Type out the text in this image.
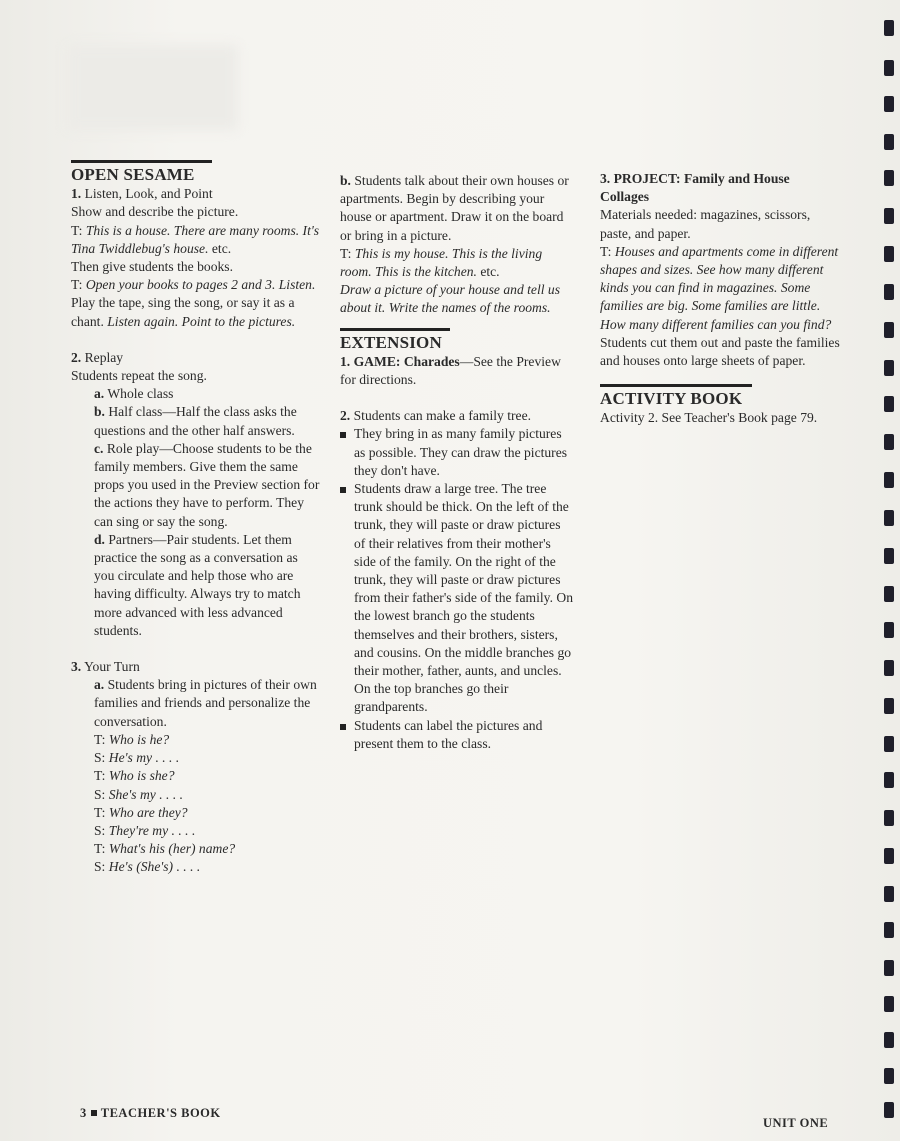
OPEN SESAME
1. Listen, Look, and Point
Show and describe the picture.
T: This is a house. There are many rooms. It's Tina Twiddlebug's house. etc.
Then give students the books.
T: Open your books to pages 2 and 3. Listen. Play the tape, sing the song, or say it as a chant. Listen again. Point to the pictures.
2. Replay
Students repeat the song.
a. Whole class
b. Half class—Half the class asks the questions and the other half answers.
c. Role play—Choose students to be the family members. Give them the same props you used in the Preview section for the actions they have to perform. They can sing or say the song.
d. Partners—Pair students. Let them practice the song as a conversation as you circulate and help those who are having difficulty. Always try to match more advanced with less advanced students.
3. Your Turn
a. Students bring in pictures of their own families and friends and personalize the conversation.
T: Who is he?
S: He's my . . . .
T: Who is she?
S: She's my . . . .
T: Who are they?
S: They're my . . . .
T: What's his (her) name?
S: He's (She's) . . . .
b. Students talk about their own houses or apartments. Begin by describing your house or apartment. Draw it on the board or bring in a picture.
T: This is my house. This is the living room. This is the kitchen. etc.
Draw a picture of your house and tell us about it. Write the names of the rooms.
EXTENSION
1. GAME: Charades—See the Preview for directions.
2. Students can make a family tree.
They bring in as many family pictures as possible. They can draw the pictures they don't have.
Students draw a large tree. The tree trunk should be thick. On the left of the trunk, they will paste or draw pictures of their relatives from their mother's side of the family. On the right of the trunk, they will paste or draw pictures from their father's side of the family. On the lowest branch go the students themselves and their brothers, sisters, and cousins. On the middle branches go their mother, father, aunts, and uncles. On the top branches go their grandparents.
Students can label the pictures and present them to the class.
3. PROJECT: Family and House Collages
Materials needed: magazines, scissors, paste, and paper.
T: Houses and apartments come in different shapes and sizes. See how many different kinds you can find in magazines. Some families are big. Some families are little. How many different families can you find?
Students cut them out and paste the families and houses onto large sheets of paper.
ACTIVITY BOOK
Activity 2. See Teacher's Book page 79.
3 TEACHER'S BOOK
UNIT ONE
